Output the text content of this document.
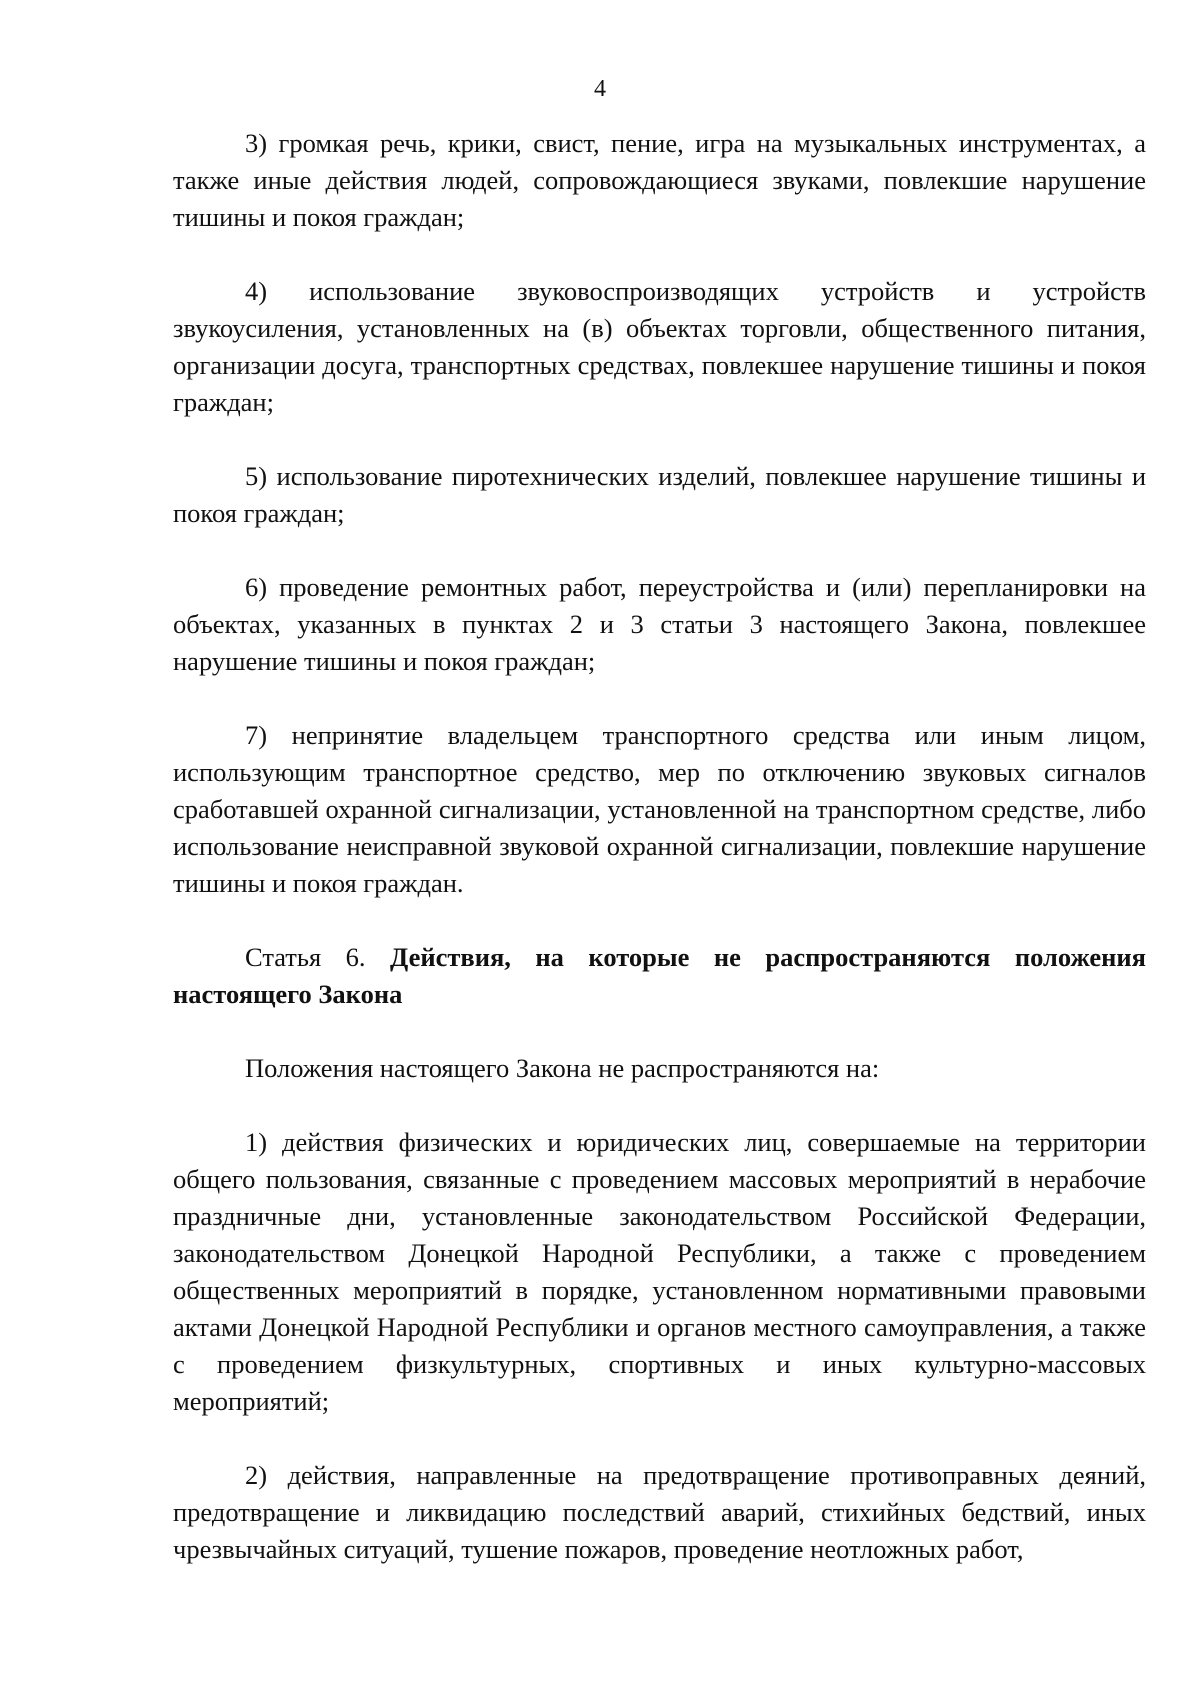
4

3) громкая речь, крики, свист, пение, игра на музыкальных инструментах, а также иные действия людей, сопровождающиеся звуками, повлекшие нарушение тишины и покоя граждан;

4) использование звуковоспроизводящих устройств и устройств звукоусиления, установленных на (в) объектах торговли, общественного питания, организации досуга, транспортных средствах, повлекшее нарушение тишины и покоя граждан;

5) использование пиротехнических изделий, повлекшее нарушение тишины и покоя граждан;

6) проведение ремонтных работ, переустройства и (или) перепланировки на объектах, указанных в пунктах 2 и 3 статьи 3 настоящего Закона, повлекшее нарушение тишины и покоя граждан;

7) непринятие владельцем транспортного средства или иным лицом, использующим транспортное средство, мер по отключению звуковых сигналов сработавшей охранной сигнализации, установленной на транспортном средстве, либо использование неисправной звуковой охранной сигнализации, повлекшие нарушение тишины и покоя граждан.

Статья 6. Действия, на которые не распространяются положения настоящего Закона

Положения настоящего Закона не распространяются на:

1) действия физических и юридических лиц, совершаемые на территории общего пользования, связанные с проведением массовых мероприятий в нерабочие праздничные дни, установленные законодательством Российской Федерации, законодательством Донецкой Народной Республики, а также с проведением общественных мероприятий в порядке, установленном нормативными правовыми актами Донецкой Народной Республики и органов местного самоуправления, а также с проведением физкультурных, спортивных и иных культурно-массовых мероприятий;

2) действия, направленные на предотвращение противоправных деяний, предотвращение и ликвидацию последствий аварий, стихийных бедствий, иных чрезвычайных ситуаций, тушение пожаров, проведение неотложных работ,
